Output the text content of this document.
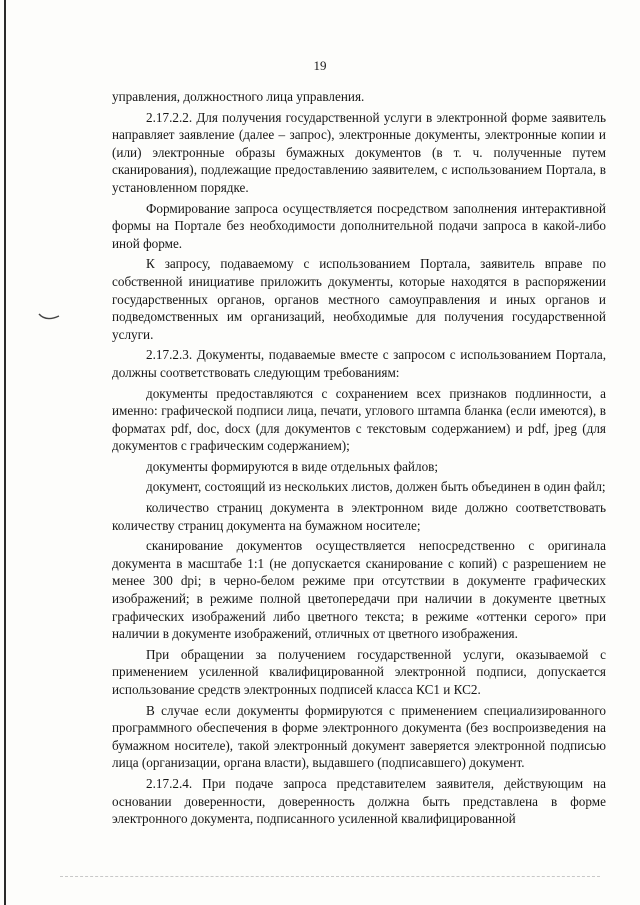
19

управления, должностного лица управления.

2.17.2.2. Для получения государственной услуги в электронной форме заявитель направляет заявление (далее – запрос), электронные документы, электронные копии и (или) электронные образы бумажных документов (в т. ч. полученные путем сканирования), подлежащие предоставлению заявителем, с использованием Портала, в установленном порядке.

Формирование запроса осуществляется посредством заполнения интерактивной формы на Портале без необходимости дополнительной подачи запроса в какой-либо иной форме.

К запросу, подаваемому с использованием Портала, заявитель вправе по собственной инициативе приложить документы, которые находятся в распоряжении государственных органов, органов местного самоуправления и иных органов и подведомственных им организаций, необходимые для получения государственной услуги.

2.17.2.3. Документы, подаваемые вместе с запросом с использованием Портала, должны соответствовать следующим требованиям:

документы предоставляются с сохранением всех признаков подлинности, а именно: графической подписи лица, печати, углового штампа бланка (если имеются), в форматах pdf, doc, docx (для документов с текстовым содержанием) и pdf, jpeg (для документов с графическим содержанием);

документы формируются в виде отдельных файлов;

документ, состоящий из нескольких листов, должен быть объединен в один файл;

количество страниц документа в электронном виде должно соответствовать количеству страниц документа на бумажном носителе;

сканирование документов осуществляется непосредственно с оригинала документа в масштабе 1:1 (не допускается сканирование с копий) с разрешением не менее 300 dpi; в черно-белом режиме при отсутствии в документе графических изображений; в режиме полной цветопередачи при наличии в документе цветных графических изображений либо цветного текста; в режиме «оттенки серого» при наличии в документе изображений, отличных от цветного изображения.

При обращении за получением государственной услуги, оказываемой с применением усиленной квалифицированной электронной подписи, допускается использование средств электронных подписей класса КС1 и КС2.

В случае если документы формируются с применением специализированного программного обеспечения в форме электронного документа (без воспроизведения на бумажном носителе), такой электронный документ заверяется электронной подписью лица (организации, органа власти), выдавшего (подписавшего) документ.

2.17.2.4. При подаче запроса представителем заявителя, действующим на основании доверенности, доверенность должна быть представлена в форме электронного документа, подписанного усиленной квалифицированной
